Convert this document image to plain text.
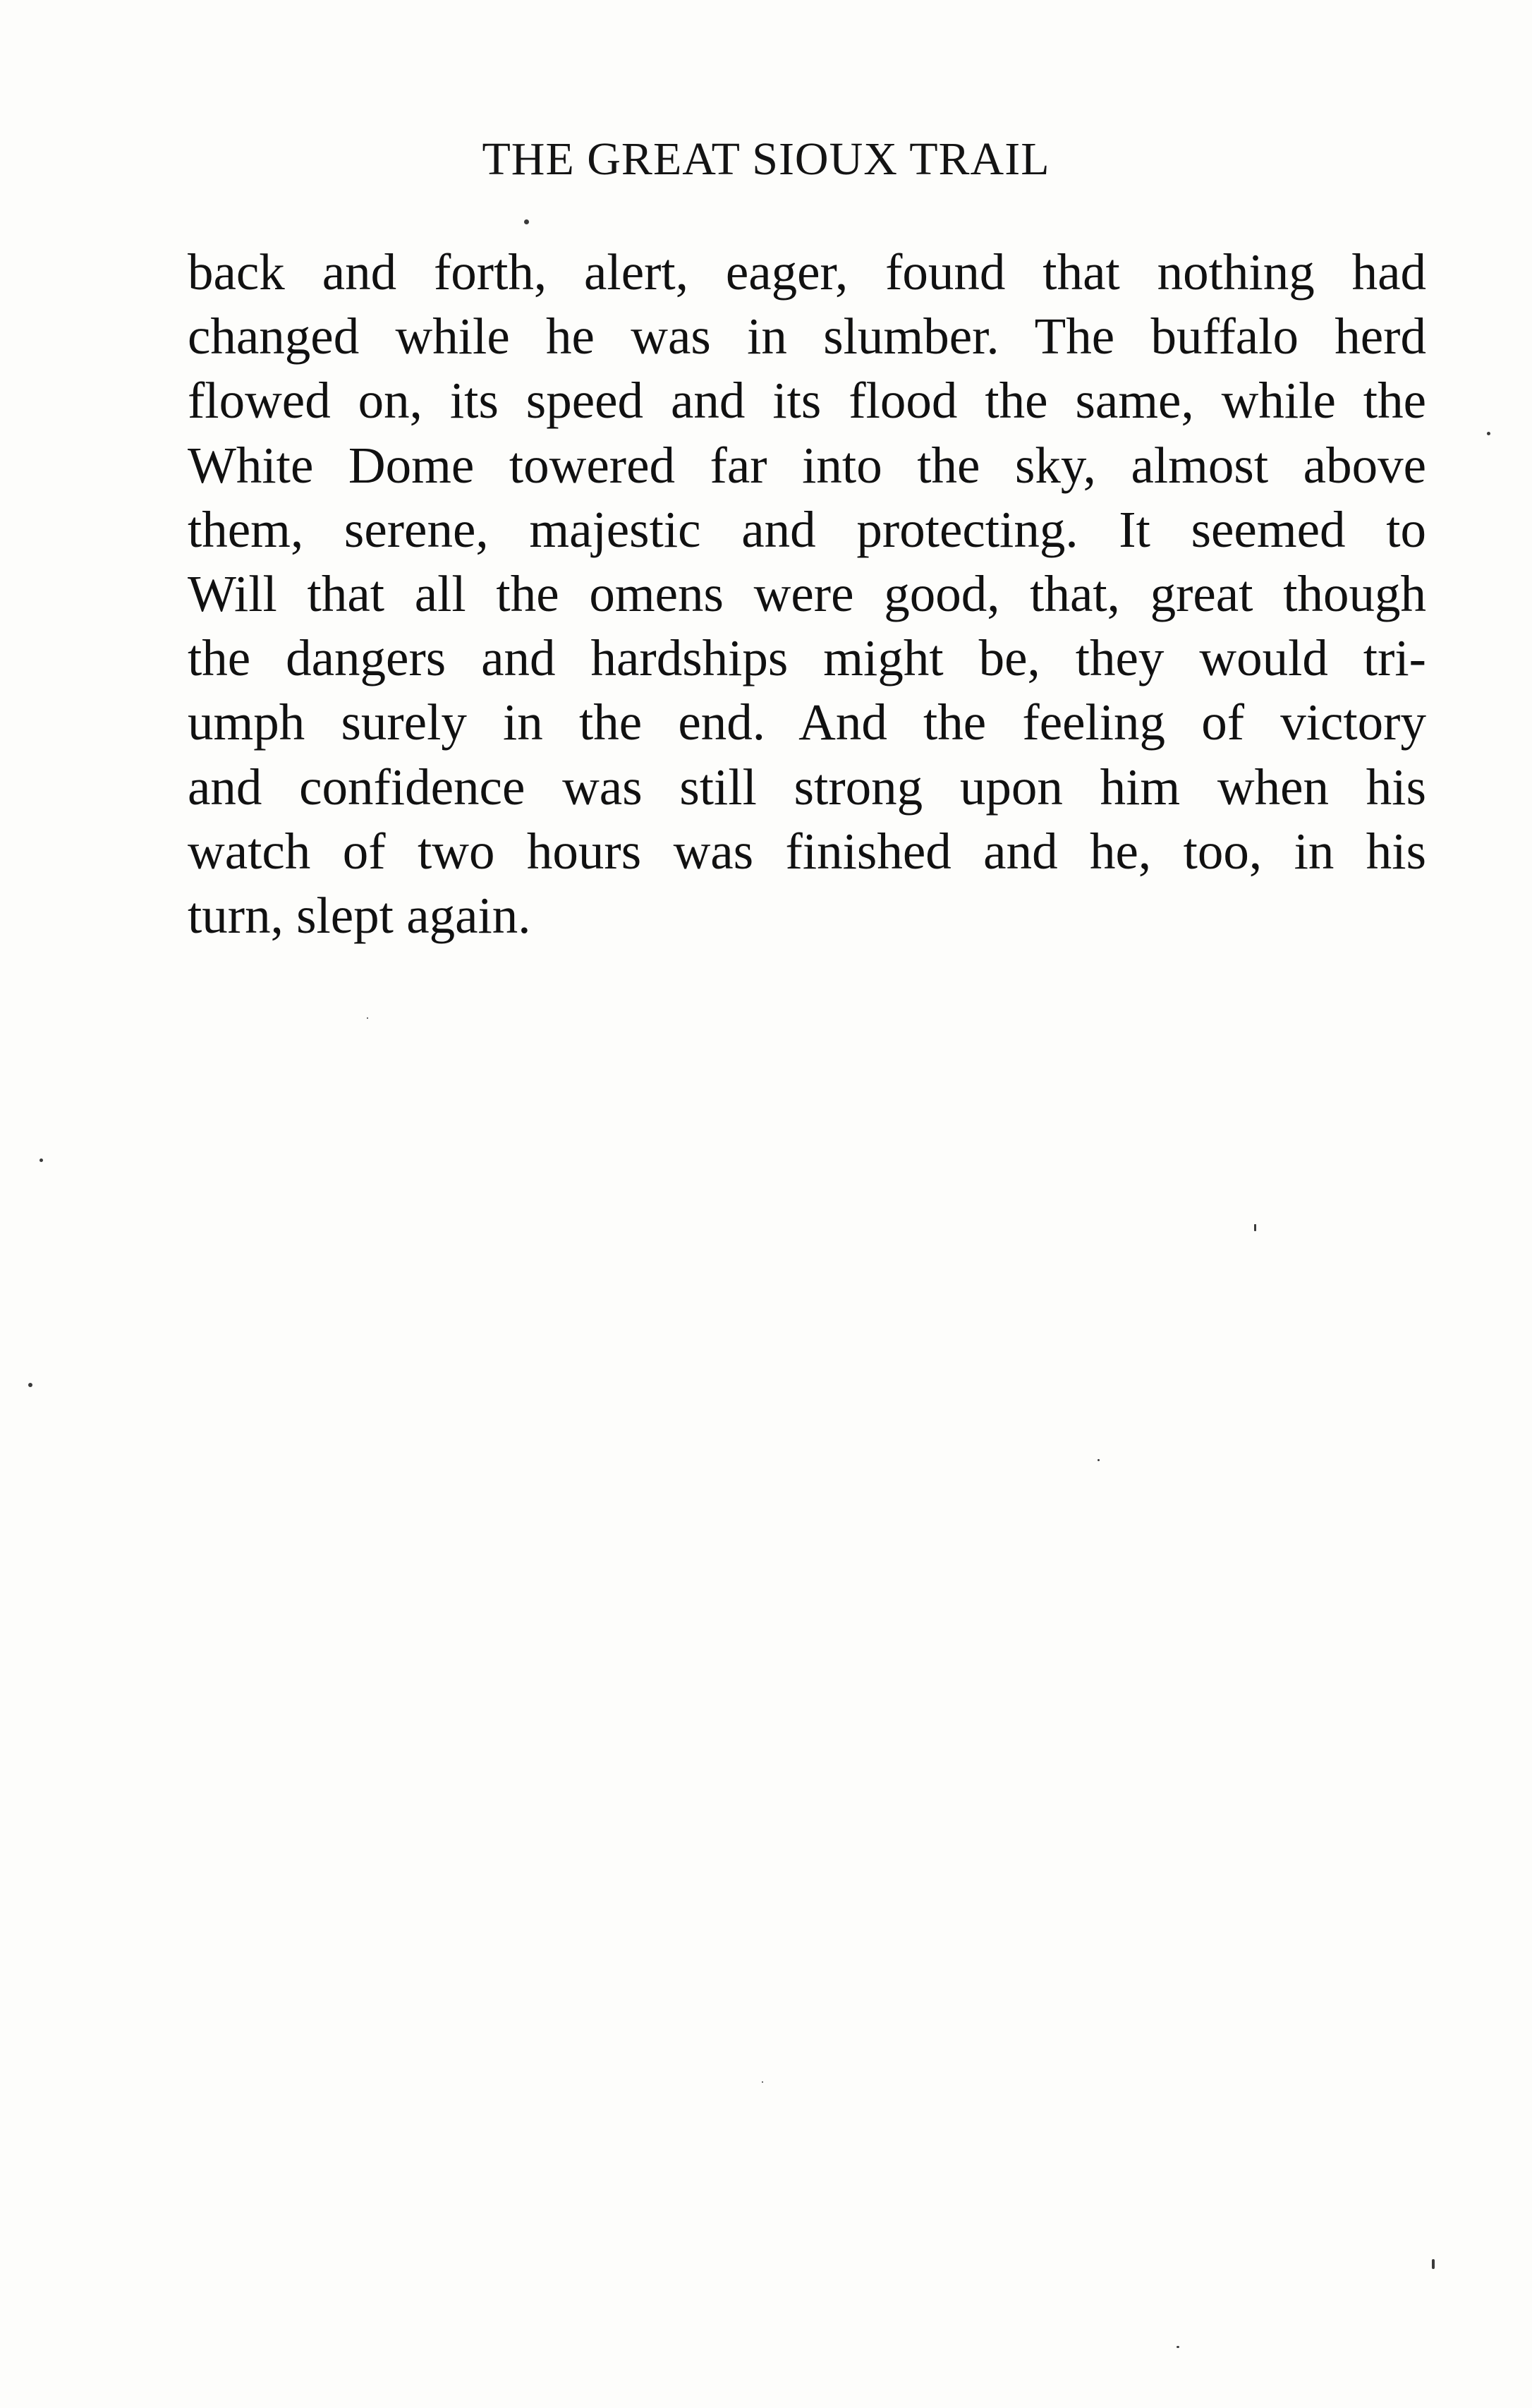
THE GREAT SIOUX TRAIL
back and forth, alert, eager, found that nothing had
changed while he was in slumber. The buffalo herd
flowed on, its speed and its flood the same, while the
White Dome towered far into the sky, almost above
them, serene, majestic and protecting. It seemed to
Will that all the omens were good, that, great though
the dangers and hardships might be, they would tri-
umph surely in the end. And the feeling of victory
and confidence was still strong upon him when his
watch of two hours was finished and he, too, in his
turn, slept again.
